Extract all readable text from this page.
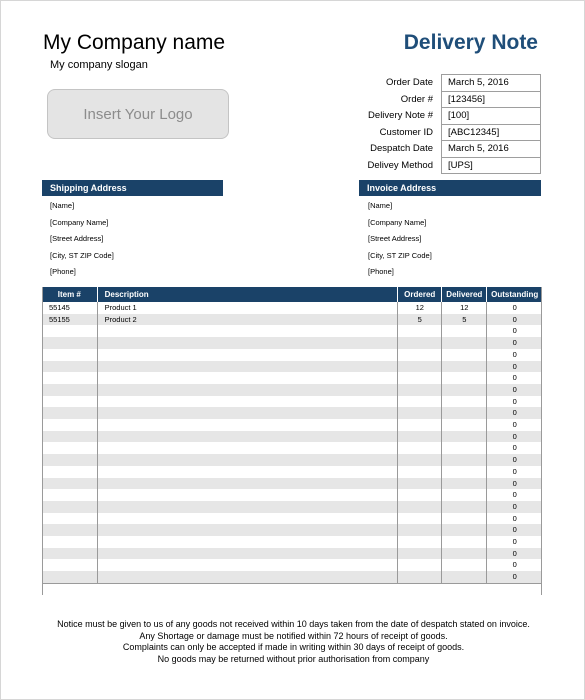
My Company name
My company slogan
Delivery Note
Insert Your Logo
Order Date	March 5, 2016
Order #	[123456]
Delivery Note #	[100]
Customer ID	[ABC12345]
Despatch Date	March 5, 2016
Delivey Method	[UPS]
Shipping Address
[Name]
[Company Name]
[Street Address]
[City, ST ZIP Code]
[Phone]
Invoice Address
[Name]
[Company Name]
[Street Address]
[City, ST ZIP Code]
[Phone]
Item #	Description	Ordered	Delivered	Outstanding
55145	Product 1	12	12	0
55155	Product 2	5	5	0
				0
				0
				0
				0
				0
				0
				0
				0
				0
				0
				0
				0
				0
				0
				0
				0
				0
				0
				0
				0
				0
				0
Notice must be given to us of any goods not received within 10 days taken from the date of despatch stated on invoice.
Any Shortage or damage must be notified within 72 hours of receipt of goods.
Complaints can only be accepted if made in writing within 30 days of receipt of goods.
No goods may be returned without prior authorisation from company
